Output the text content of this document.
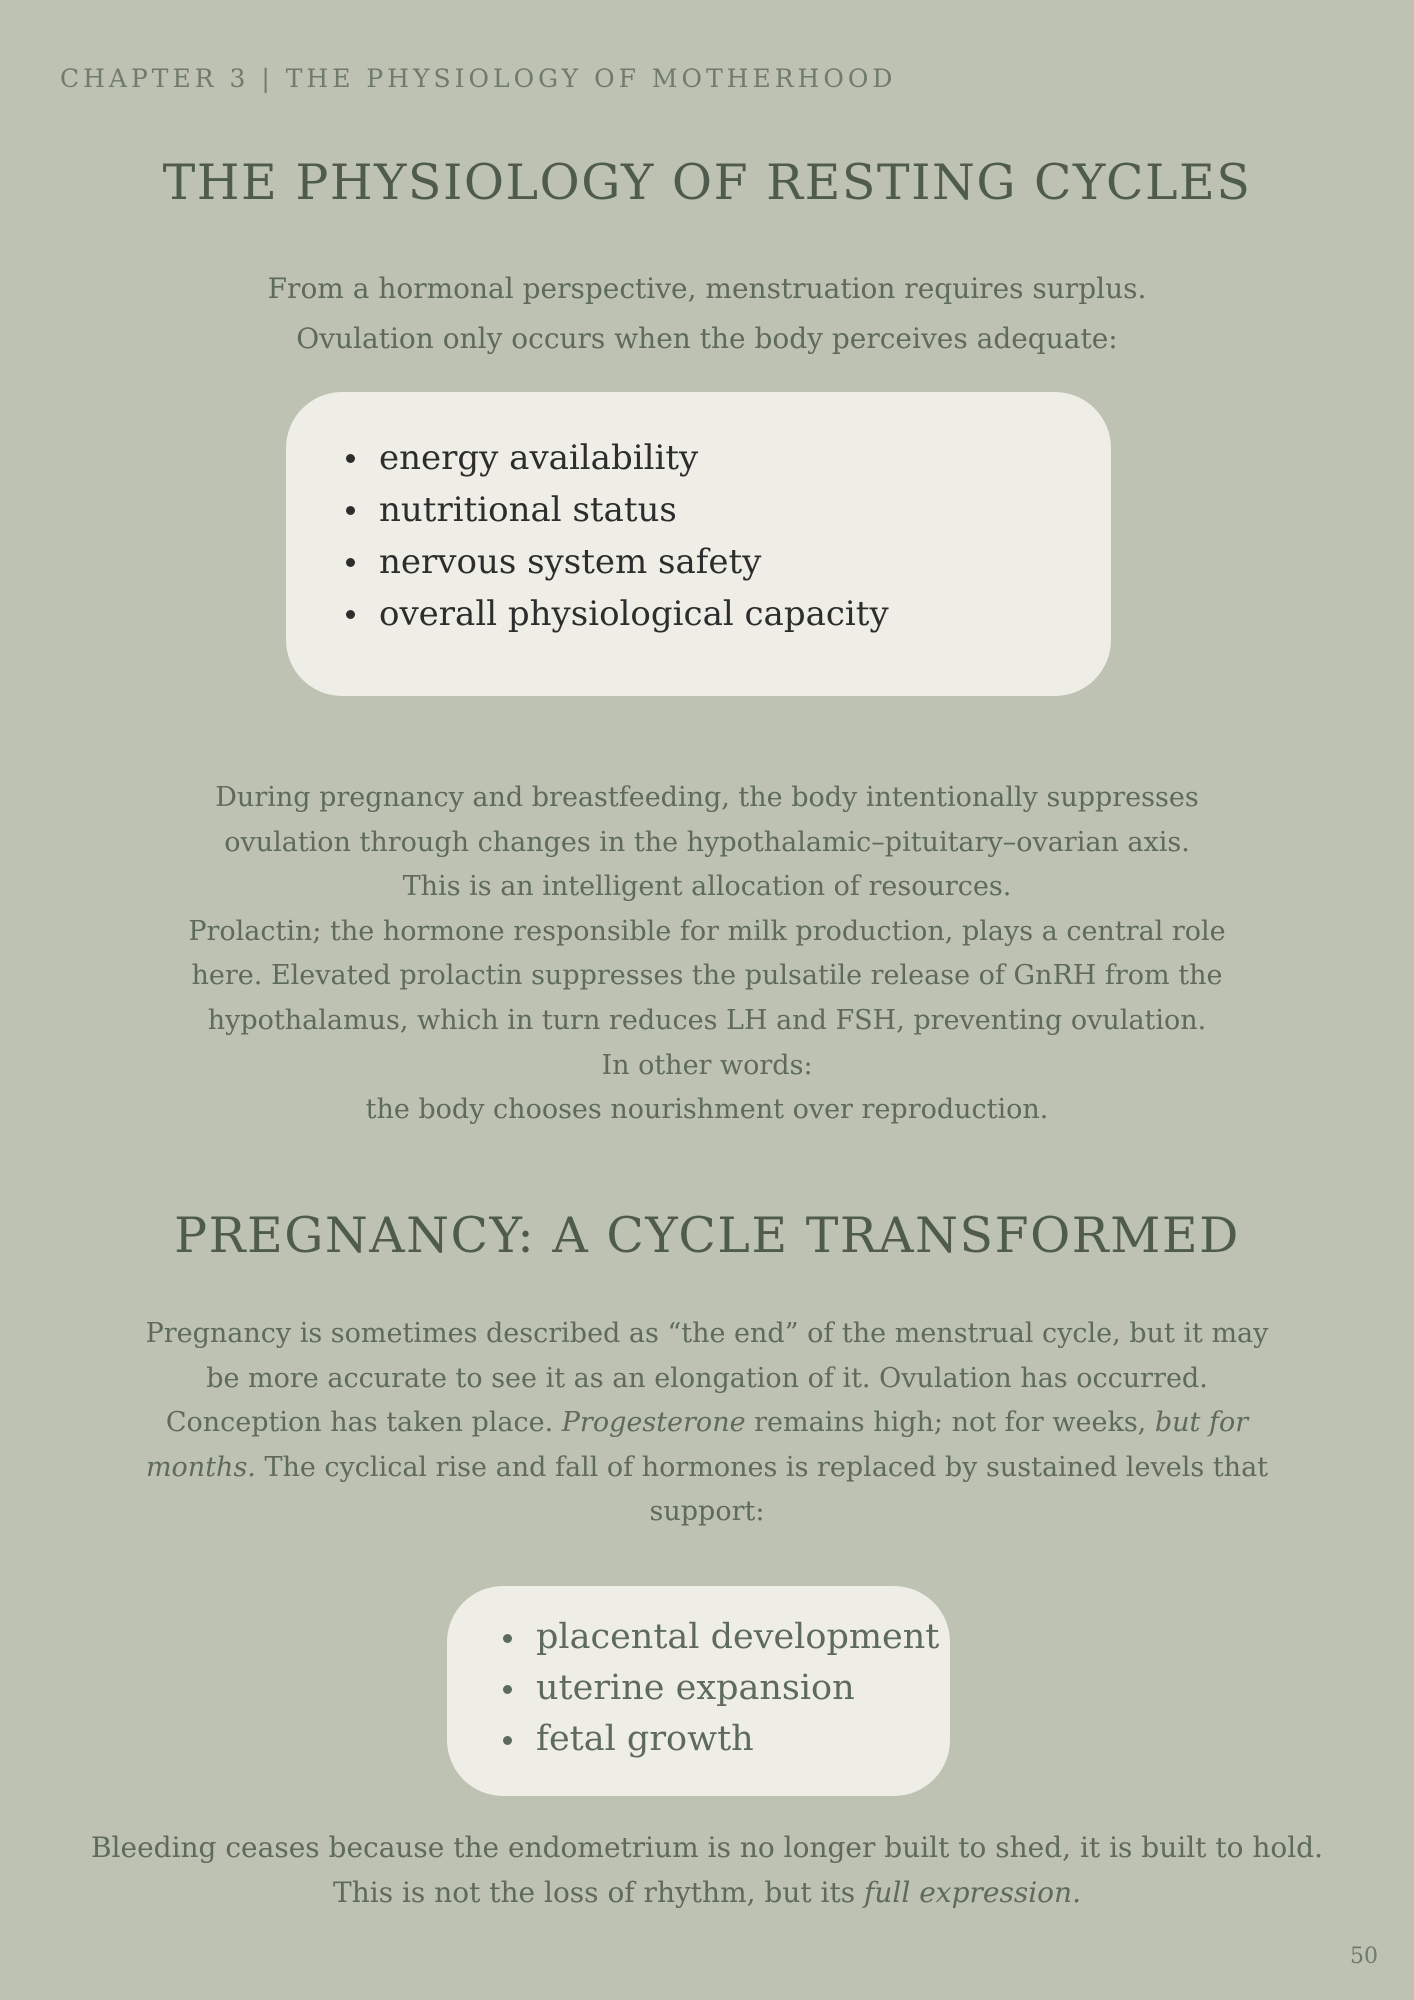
CHAPTER 3 | THE PHYSIOLOGY OF MOTHERHOOD
THE PHYSIOLOGY OF RESTING CYCLES

From a hormonal perspective, menstruation requires surplus.
Ovulation only occurs when the body perceives adequate:

energy availability
nutritional status
nervous system safety
overall physiological capacity

During pregnancy and breastfeeding, the body intentionally suppresses
ovulation through changes in the hypothalamic–pituitary–ovarian axis.
This is an intelligent allocation of resources.
Prolactin; the hormone responsible for milk production, plays a central role
here. Elevated prolactin suppresses the pulsatile release of GnRH from the
hypothalamus, which in turn reduces LH and FSH, preventing ovulation.
In other words:
the body chooses nourishment over reproduction.

PREGNANCY: A CYCLE TRANSFORMED

Pregnancy is sometimes described as “the end” of the menstrual cycle, but it may
be more accurate to see it as an elongation of it. Ovulation has occurred.
Conception has taken place. Progesterone remains high; not for weeks, but for
months. The cyclical rise and fall of hormones is replaced by sustained levels that
support:

placental development
uterine expansion
fetal growth

Bleeding ceases because the endometrium is no longer built to shed, it is built to hold.
This is not the loss of rhythm, but its full expression.

50
